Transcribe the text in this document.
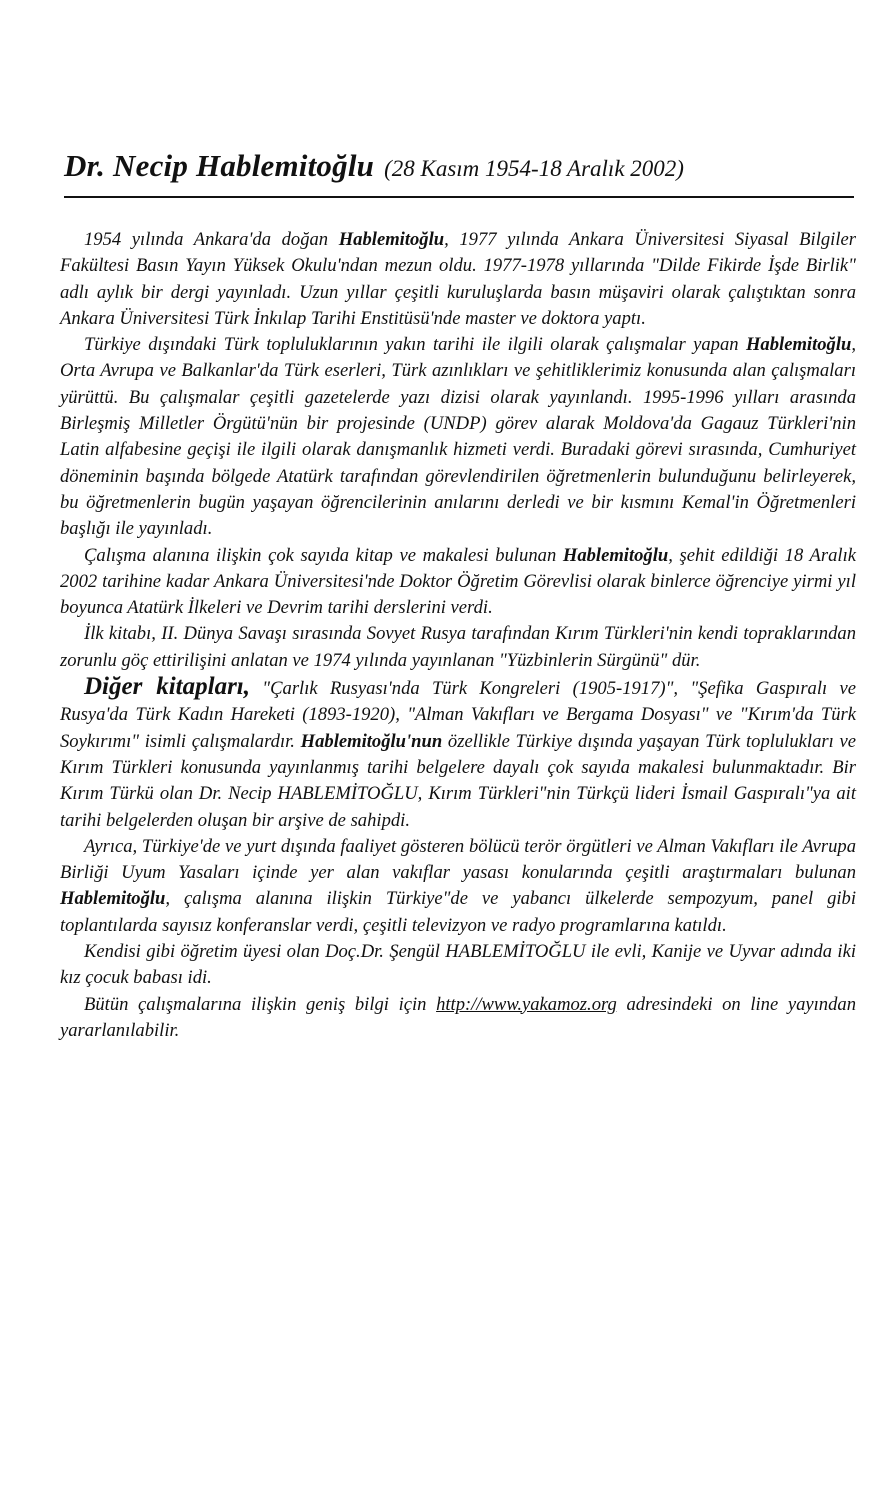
Dr. Necip Hablemitoğlu (28 Kasım 1954-18 Aralık 2002)

1954 yılında Ankara'da doğan Hablemitoğlu, 1977 yılında Ankara Üniversitesi Siyasal Bilgiler Fakültesi Basın Yayın Yüksek Okulu'ndan mezun oldu. 1977-1978 yıllarında "Dilde Fikirde İşde Birlik" adlı aylık bir dergi yayınladı. Uzun yıllar çeşitli kuruluşlarda basın müşaviri olarak çalıştıktan sonra Ankara Üniversitesi Türk İnkılap Tarihi Enstitüsü'nde master ve doktora yaptı.

Türkiye dışındaki Türk topluluklarının yakın tarihi ile ilgili olarak çalışmalar yapan Hablemitoğlu, Orta Avrupa ve Balkanlar'da Türk eserleri, Türk azınlıkları ve şehitliklerimiz konusunda alan çalışmaları yürüttü. Bu çalışmalar çeşitli gazetelerde yazı dizisi olarak yayınlandı. 1995-1996 yılları arasında Birleşmiş Milletler Örgütü'nün bir projesinde (UNDP) görev alarak Moldova'da Gagauz Türkleri'nin Latin alfabesine geçişi ile ilgili olarak danışmanlık hizmeti verdi. Buradaki görevi sırasında, Cumhuriyet döneminin başında bölgede Atatürk tarafından görevlendirilen öğretmenlerin bulunduğunu belirleyerek, bu öğretmenlerin bugün yaşayan öğrencilerinin anılarını derledi ve bir kısmını Kemal'in Öğretmenleri başlığı ile yayınladı.

Çalışma alanına ilişkin çok sayıda kitap ve makalesi bulunan Hablemitoğlu, şehit edildiği 18 Aralık 2002 tarihine kadar Ankara Üniversitesi'nde Doktor Öğretim Görevlisi olarak binlerce öğrenciye yirmi yıl boyunca Atatürk İlkeleri ve Devrim tarihi derslerini verdi.

İlk kitabı, II. Dünya Savaşı sırasında Sovyet Rusya tarafından Kırım Türkleri'nin kendi topraklarından zorunlu göç ettirilişini anlatan ve 1974 yılında yayınlanan "Yüzbinlerin Sürgünü" dür.

Diğer kitapları, "Çarlık Rusyası'nda Türk Kongreleri (1905-1917)", "Şefika Gaspıralı ve Rusya'da Türk Kadın Hareketi (1893-1920), "Alman Vakıfları ve Bergama Dosyası" ve "Kırım'da Türk Soykırımı" isimli çalışmalardır. Hablemitoğlu'nun özellikle Türkiye dışında yaşayan Türk toplulukları ve Kırım Türkleri konusunda yayınlanmış tarihi belgelere dayalı çok sayıda makalesi bulunmaktadır. Bir Kırım Türkü olan Dr. Necip HABLEMİTOĞLU, Kırım Türkleri"nin Türkçü lideri İsmail Gaspıralı"ya ait tarihi belgelerden oluşan bir arşive de sahipdi.

Ayrıca, Türkiye'de ve yurt dışında faaliyet gösteren bölücü terör örgütleri ve Alman Vakıfları ile Avrupa Birliği Uyum Yasaları içinde yer alan vakıflar yasası konularında çeşitli araştırmaları bulunan Hablemitoğlu, çalışma alanına ilişkin Türkiye"de ve yabancı ülkelerde sempozyum, panel gibi toplantılarda sayısız konferanslar verdi, çeşitli televizyon ve radyo programlarına katıldı.

Kendisi gibi öğretim üyesi olan Doç.Dr. Şengül HABLEMİTOĞLU ile evli, Kanije ve Uyvar adında iki kız çocuk babası idi.

Bütün çalışmalarına ilişkin geniş bilgi için http://www.yakamoz.org adresindeki on line yayından yararlanılabilir.
